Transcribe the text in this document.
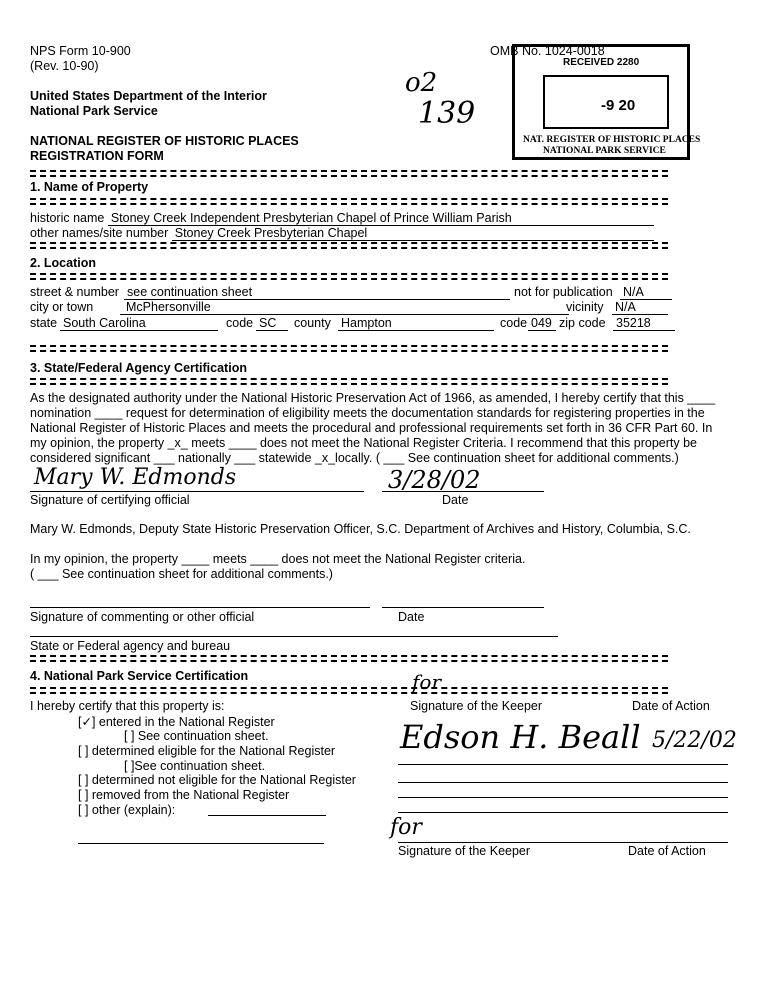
NPS Form 10-900
(Rev. 10-90)
United States Department of the Interior
National Park Service
NATIONAL REGISTER OF HISTORIC PLACES
REGISTRATION FORM
OMB No. 1024-0018
o2
139
RECEIVED 2280
-9 20
NAT. REGISTER OF HISTORIC PLACES
NATIONAL PARK SERVICE
1. Name of Property
historic name Stoney Creek Independent Presbyterian Chapel of Prince William Parish
other names/site number Stoney Creek Presbyterian Chapel
2. Location
street & number see continuation sheet	not for publication N/A
city or town	McPhersonville	vicinity N/A
state South Carolina	code SC	county Hampton	code 049 zip code 35218
3. State/Federal Agency Certification
As the designated authority under the National Historic Preservation Act of 1966, as amended, I hereby certify that this ____
nomination ____ request for determination of eligibility meets the documentation standards for registering properties in the
National Register of Historic Places and meets the procedural and professional requirements set forth in 36 CFR Part 60. In
my opinion, the property _x_ meets ____ does not meet the National Register Criteria. I recommend that this property be
considered significant ___ nationally ___ statewide _x_locally. ( ___ See continuation sheet for additional comments.)
Mary W. Edmonds	3/28/02
Signature of certifying official	Date
Mary W. Edmonds, Deputy State Historic Preservation Officer, S.C. Department of Archives and History, Columbia, S.C.
In my opinion, the property ____ meets ____ does not meet the National Register criteria.
( ___ See continuation sheet for additional comments.)
Signature of commenting or other official	Date
State or Federal agency and bureau
4. National Park Service Certification
I hereby certify that this property is:
[✓] entered in the National Register
[ ] See continuation sheet.
[ ] determined eligible for the National Register
[ ]See continuation sheet.
[ ] determined not eligible for the National Register
[ ] removed from the National Register
[ ] other (explain):
for
Signature of the Keeper	Date of Action
Edson H. Beall 5/22/02
for
Signature of the Keeper	Date of Action
